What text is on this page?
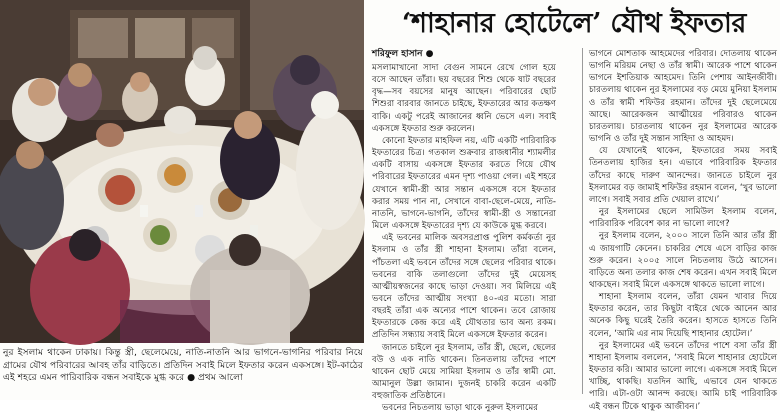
নুর ইসলাম থাকেন ঢাকায়। কিন্তু স্ত্রী, ছেলেমেয়ে, নাতি-নাতনি আর ভাগনে-ভাগনির পরিবার নিয়ে গ্রামের যৌথ পরিবারের আবহ তাঁর বাড়িতে। প্রতিদিন সবাই মিলে ইফতার করেন একসঙ্গে। ইট-কাঠের এই শহরে এমন পারিবারিক বন্ধন সবাইকে মুগ্ধ করে ● প্রথম আলো
‘শাহানার হোটেলে’ যৌথ ইফতার
শরিফুল হাসান ●

মসলামাখানো সাদা বেগুন সামনে রেখে গোল হয়ে বসে আছেন তাঁরা। ছয় বছরের শিশু থেকে ষাট বছরের বৃদ্ধ—সব বয়সের মানুষ আছেন। পরিবারের ছোট শিশুরা বারবার জানতে চাইছে, ইফতারের আর কতক্ষণ বাকি। একটু পরেই আজানের ধ্বনি ভেসে এল। সবাই একসঙ্গে ইফতার শুরু করলেন।

কোনো ইফতার মাহফিল নয়, এটি একটি পারিবারিক ইফতারের চিত্র। গতকাল শুক্রবার রাজধানীর শ্যামলীর একটি বাসায় একসঙ্গে ইফতার করতে গিয়ে যৌথ পরিবারের ইফতারের এমন দৃশ্য পাওয়া গেল। এই শহরে যেখানে স্বামী-স্ত্রী আর সন্তান একসঙ্গে বসে ইফতার করার সময় পান না, সেখানে বাবা-ছেলে-মেয়ে, নাতি-নাতনি, ভাগনে-ভাগনি, তাঁদের স্বামী-স্ত্রী ও সন্তানেরা মিলে একসঙ্গে ইফতারের দৃশ্য যে কাউকে মুগ্ধ করবে।

এই ভবনের মালিক অবসরপ্রাপ্ত পুলিশ কর্মকর্তা নুর ইসলাম ও তাঁর স্ত্রী শাহানা ইসলাম। তাঁরা বলেন, পাঁচতলা এই ভবনে তাঁদের সঙ্গে ছেলের পরিবার থাকে। ভবনের বাকি তলাগুলো তাঁদের দুই মেয়েসহ আত্মীয়স্বজনের কাছে ভাড়া দেওয়া। সব মিলিয়ে এই ভবনে তাঁদের আত্মীয় সংখ্যা ৪০-এর মতো। সারা বছরই তাঁরা এক অন্যের পাশে থাকেন। তবে রোজায় ইফতারকে কেন্দ্র করে এই যৌথতার ভাব অন্য রকম। প্রতিদিন সন্ধ্যায় সবাই মিলে একসঙ্গে ইফতার করেন।

জানতে চাইলে নুর ইসলাম, তাঁর স্ত্রী, ছেলে, ছেলের বউ ও এক নাতি থাকেন। তিনতলায় তাঁদের পাশে থাকেন ছোট মেয়ে সামিয়া ইসলাম ও তাঁর স্বামী মো. আমানুল উল্লা জামান। দুজনই চাকরি করেন একটি বহুজাতিক প্রতিষ্ঠানে।

ভবনের নিচতলায় ভাড়া থাকে নুরুল ইসলামের

ভাগনে মোশতাক আহমেদের পরিবার। দোতলায় থাকেন ভাগনি মরিয়ম নেছা ও তাঁর স্বামী। আরেক পাশে থাকেন ভাগনে ইশতিয়াক আহমেদ। তিনি পেশায় আইনজীবী। চারতলায় থাকেন নুর ইসলামের বড় মেয়ে মুনিয়া ইসলাম ও তাঁর স্বামী শফিউর রহমান। তাঁদের দুই ছেলেমেয়ে আছে। আরেকজন আত্মীয়ের পরিবারও থাকেন চারতলায়। চারতলায় থাকেন নুর ইসলামের আরেক ভাগনি ও তাঁর দুই সন্তান সাহিদা ও আহমদ।

যে যেখানেই থাকেন, ইফতারের সময় সবাই তিনতলায় হাজির হন। এভাবে পারিবারিক ইফতার তাঁদের কাছে দারুণ আনন্দের। জানতে চাইলে নুর ইসলামের বড় জামাই শফিউর রহমান বলেন, ‘খুব ভালো লাগে। সবাই সবার প্রতি খেয়াল রাখে।’

নুর ইসলামের ছেলে সামিউল ইসলাম বলেন, পারিবারিক পরিবেশ কার না ভালো লাগে?

নুর ইসলাম বলেন, ২০০০ সালে তিনি আর তাঁর স্ত্রী এ জায়গাটি কেনেন। চাকরির শেষে এসে বাড়ির কাজ শুরু করেন। ২০০৫ সালে নিচতলায় উঠে আসেন। বাড়িতে অন্য তলার কাজ শেষ করেন। এখন সবাই মিলে থাকছেন। সবাই মিলে একসঙ্গে থাকতে ভালো লাগে।

শাহানা ইসলাম বলেন, তাঁরা যেমন খাবার দিয়ে ইফতার করেন, তার কিছুটা বাইরে থেকে আনেন আর অনেক কিছু ঘরেই তৈরি করেন। হাসতে হাসতে তিনি বলেন, ‘আমি এর নাম দিয়েছি শাহানার হোটেল।’

নুর ইসলামের এই ভবনে তাঁদের পাশে বসা তাঁর স্ত্রী শাহানা ইসলাম বললেন, ‘সবাই মিলে শাহানার হোটেলে ইফতার করি। আমার ভালো লাগে। একসঙ্গে সবাই মিলে খাচ্ছি, থাকছি। যতদিন আছি, এভাবে যেন থাকতে পারি। এটা-ওটা আনন্দ করছে। আমি চাই পারিবারিক এই বন্ধন টিকে থাকুক আজীবন।’
